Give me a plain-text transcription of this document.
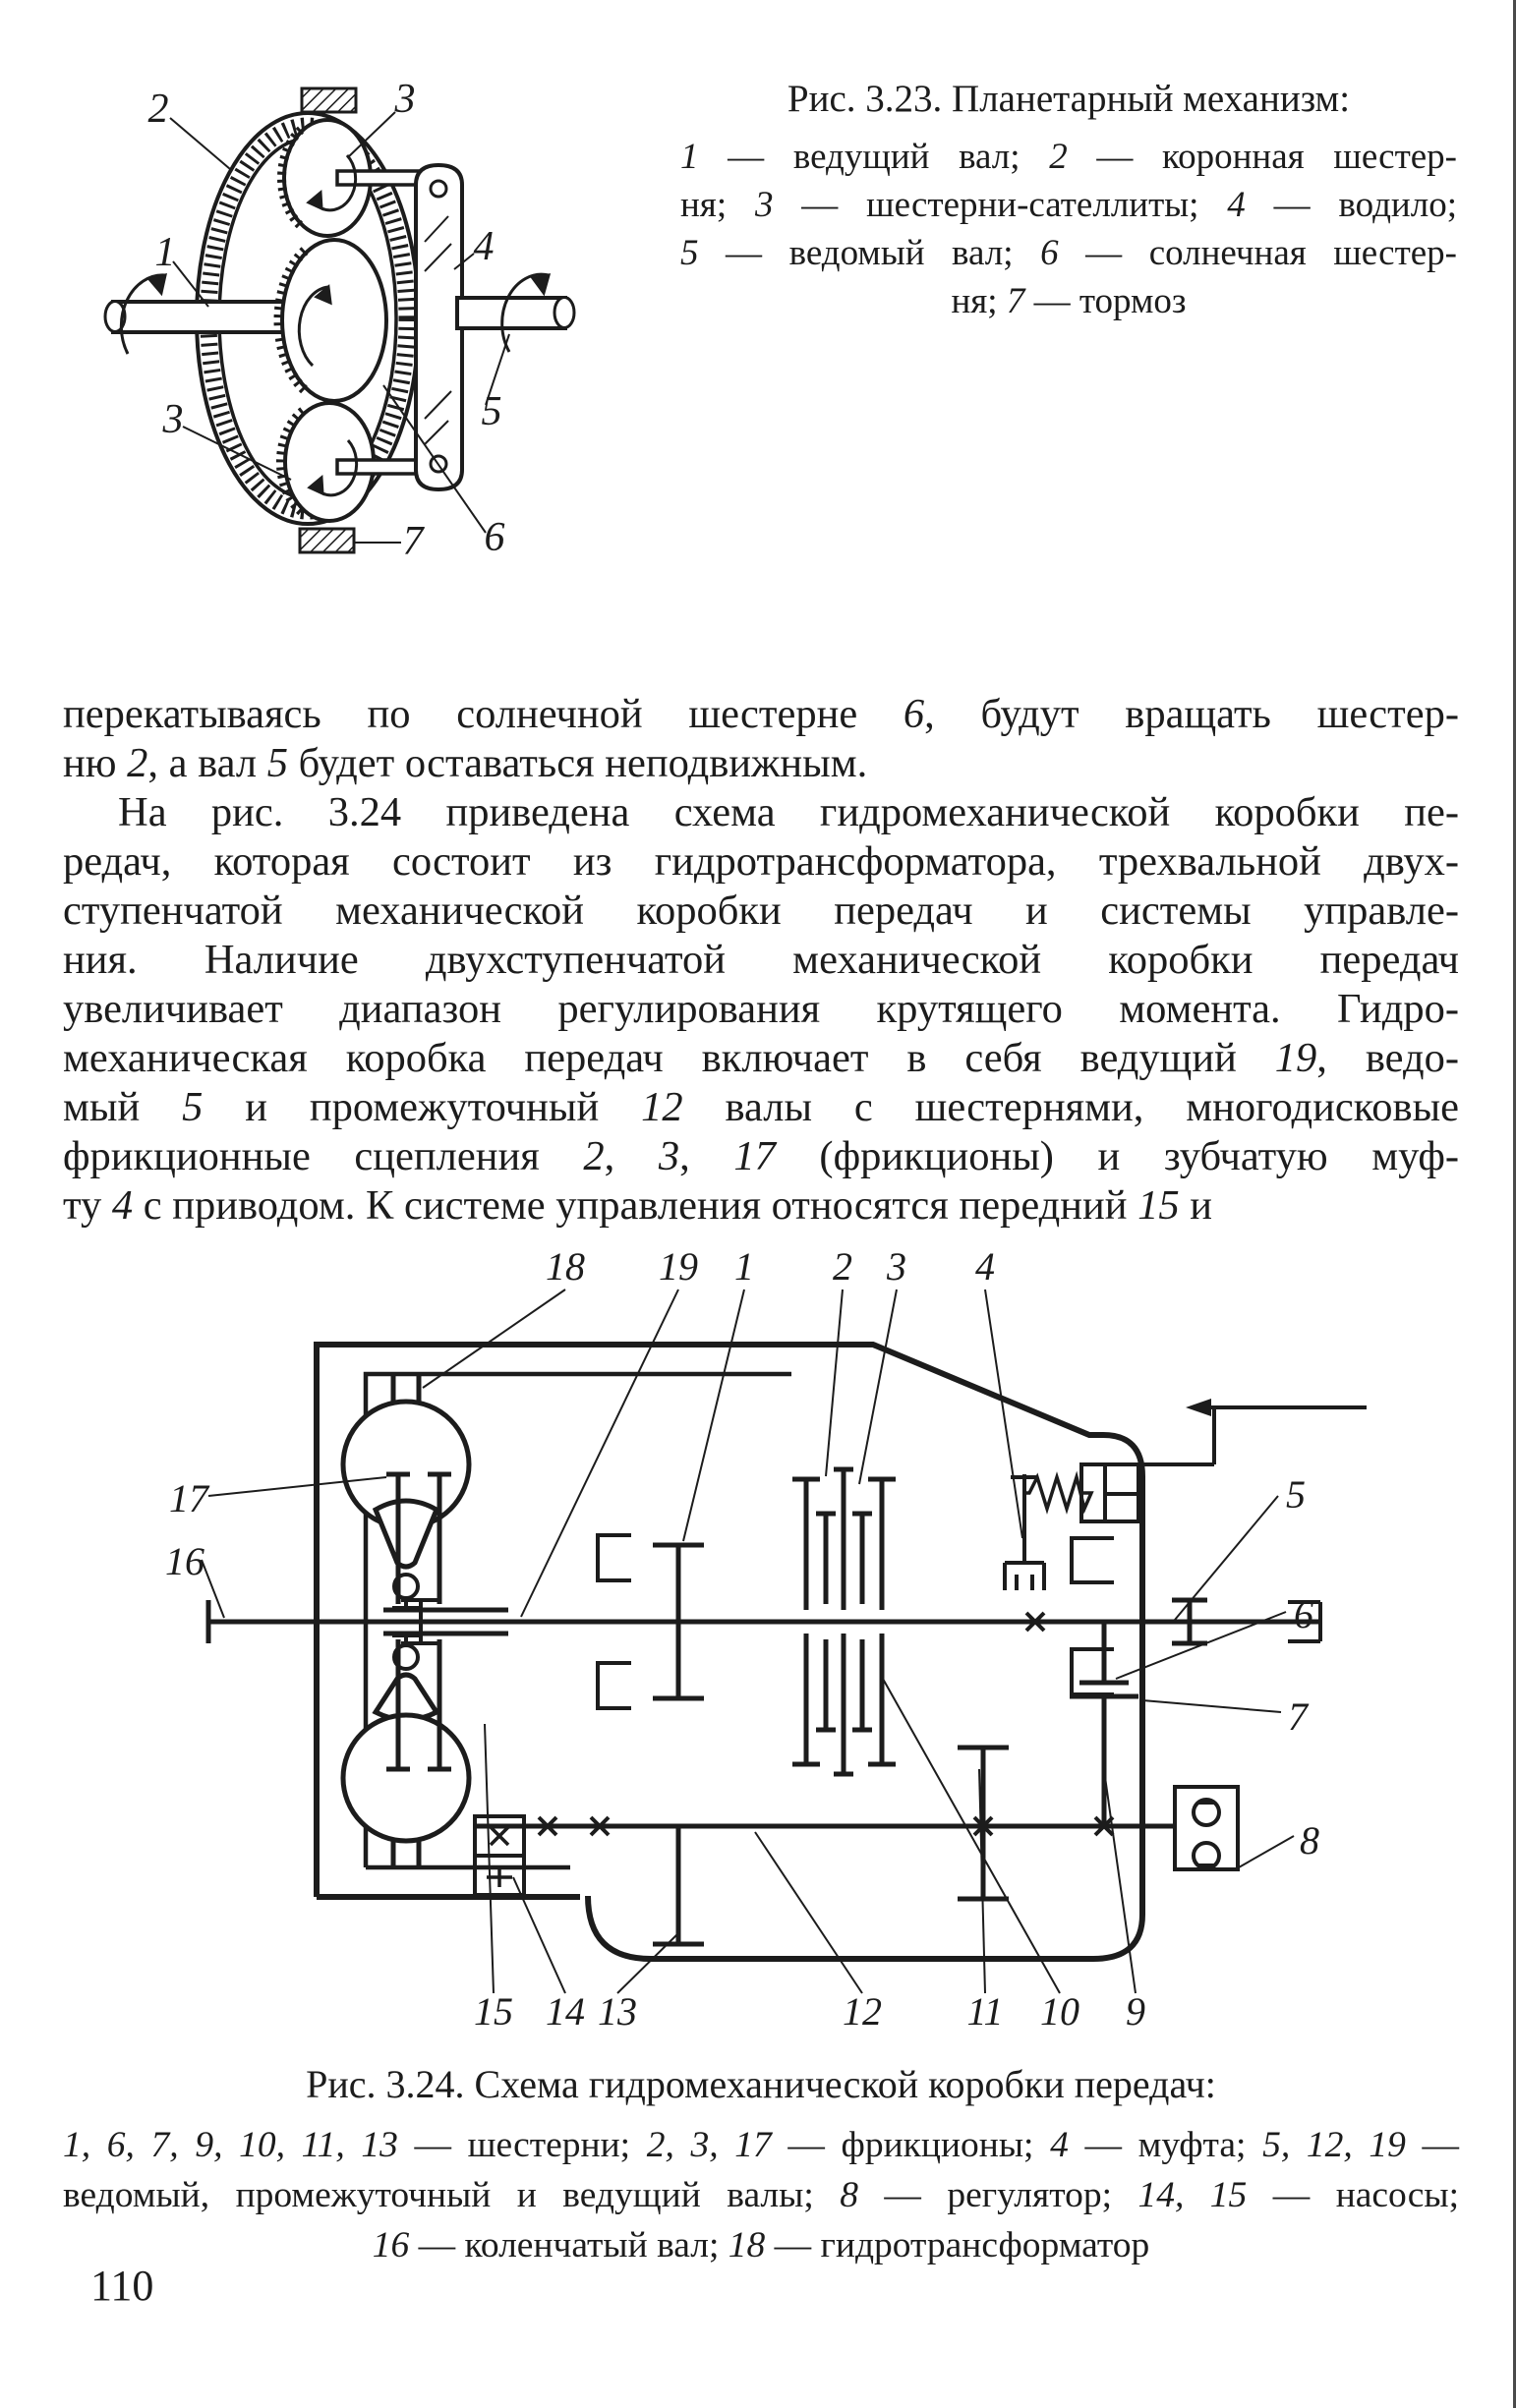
2	3
1
3
4
5
6
7
Рис. 3.23. Планетарный механизм:
1 — ведущий вал; 2 — коронная шестер-
ня; 3 — шестерни-сателлиты; 4 — водило;
5 — ведомый вал; 6 — солнечная шестер-
ня; 7 — тормоз
перекатываясь по солнечной шестерне 6, будут вращать шестер-
ню 2, а вал 5 будет оставаться неподвижным.
На рис. 3.24 приведена схема гидромеханической коробки пе-
редач, которая состоит из гидротрансформатора, трехвальной двух-
ступенчатой механической коробки передач и системы управле-
ния. Наличие двухступенчатой механической коробки передач
увеличивает диапазон регулирования крутящего момента. Гидро-
механическая коробка передач включает в себя ведущий 19, ведо-
мый 5 и промежуточный 12 валы с шестернями, многодисковые
фрикционные сцепления 2, 3, 17 (фрикционы) и зубчатую муф-
ту 4 с приводом. К системе управления относятся передний 15 и
18 19 1 2 3 4
17
16
5
6
7
8
15 14 13	12 11 10 9
Рис. 3.24. Схема гидромеханической коробки передач:
1, 6, 7, 9, 10, 11, 13 — шестерни; 2, 3, 17 — фрикционы; 4 — муфта; 5, 12, 19 —
ведомый, промежуточный и ведущий валы; 8 — регулятор; 14, 15 — насосы;
16 — коленчатый вал; 18 — гидротрансформатор
110
